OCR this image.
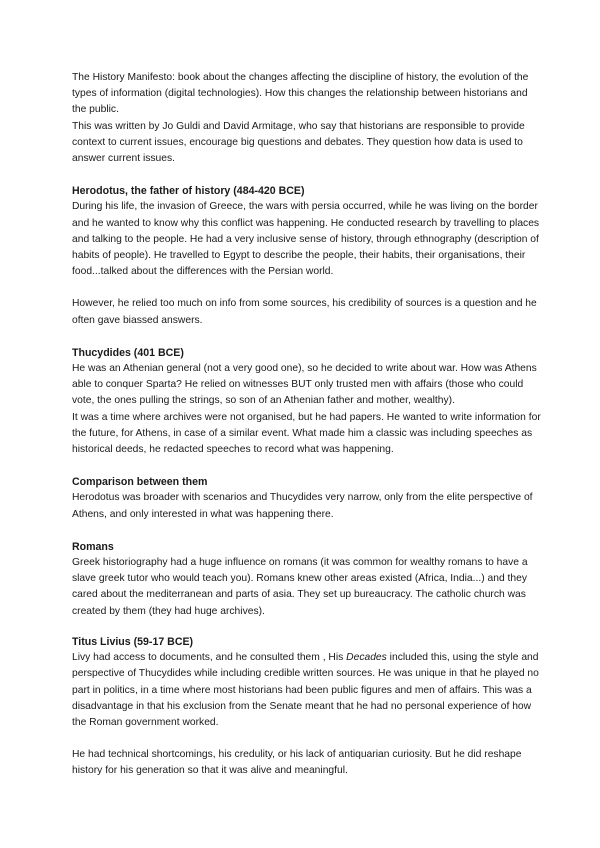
The History Manifesto: book about the changes affecting the discipline of history, the evolution of the types of information (digital technologies). How this changes the relationship between historians and the public.

This was written by Jo Guldi and David Armitage, who say that historians are responsible to provide context to current issues, encourage big questions and debates. They question how data is used to answer current issues.

Herodotus, the father of history (484-420 BCE)

During his life, the invasion of Greece, the wars with persia occurred, while he was living on the border and he wanted to know why this conflict was happening. He conducted research by travelling to places and talking to the people. He had a very inclusive sense of history, through ethnography (description of habits of people). He travelled to Egypt to describe the people, their habits, their organisations, their food...talked about the differences with the Persian world.

However, he relied too much on info from some sources, his credibility of sources is a question and he often gave biassed answers.

Thucydides (401 BCE)

He was an Athenian general (not a very good one), so he decided to write about war. How was Athens able to conquer Sparta? He relied on witnesses BUT only trusted men with affairs (those who could vote, the ones pulling the strings, so son of an Athenian father and mother, wealthy).

It was a time where archives were not organised, but he had papers. He wanted to write information for the future, for Athens, in case of a similar event. What made him a classic was including speeches as historical deeds, he redacted speeches to record what was happening.

Comparison between them

Herodotus was broader with scenarios and Thucydides very narrow, only from the elite perspective of Athens, and only interested in what was happening there.

Romans

Greek historiography had a huge influence on romans (it was common for wealthy romans to have a slave greek tutor who would teach you). Romans knew other areas existed (Africa, India...) and they cared about the mediterranean and parts of asia. They set up bureaucracy. The catholic church was created by them (they had huge archives).

Titus Livius (59-17 BCE)

Livy had access to documents, and he consulted them , His Decades included this, using the style and perspective of Thucydides while including credible written sources. He was unique in that he played no part in politics, in a time where most historians had been public figures and men of affairs. This was a disadvantage in that his exclusion from the Senate meant that he had no personal experience of how the Roman government worked.

He had technical shortcomings, his credulity, or his lack of antiquarian curiosity. But he did reshape history for his generation so that it was alive and meaningful.
